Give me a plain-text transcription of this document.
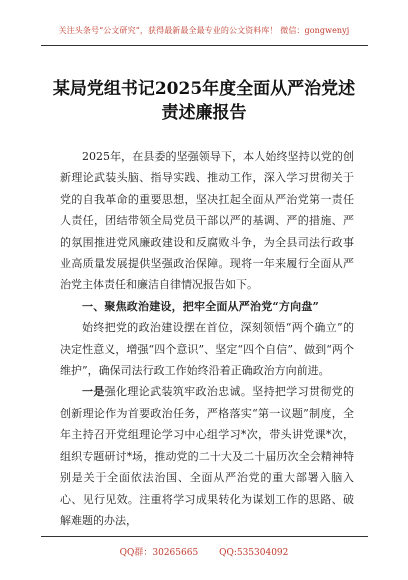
关注头条号“公文研究”，获得最新最全最专业的公文资料库！ 微信：gongwenyj
某局党组书记2025年度全面从严治党述
责述廉报告

2025年，在县委的坚强领导下，本人始终坚持以党的创新理论武装头脑、指导实践、推动工作，深入学习贯彻关于党的自我革命的重要思想，坚决扛起全面从严治党第一责任人责任，团结带领全局党员干部以严的基调、严的措施、严的氛围推进党风廉政建设和反腐败斗争，为全县司法行政事业高质量发展提供坚强政治保障。现将一年来履行全面从严治党主体责任和廉洁自律情况报告如下。

一、聚焦政治建设，把牢全面从严治党“方向盘”

始终把党的政治建设摆在首位，深刻领悟“两个确立”的决定性意义，增强“四个意识”、坚定“四个自信”、做到“两个维护”，确保司法行政工作始终沿着正确政治方向前进。

一是强化理论武装筑牢政治忠诚。坚持把学习贯彻党的创新理论作为首要政治任务，严格落实“第一议题”制度，全年主持召开党组理论学习中心组学习*次，带头讲党课*次，组织专题研讨*场，推动党的二十大及二十届历次全会精神特别是关于全面依法治国、全面从严治党的重大部署入脑入心、见行见效。注重将学习成果转化为谋划工作的思路、破解难题的办法，

QQ群：30265665 QQ:535304092
